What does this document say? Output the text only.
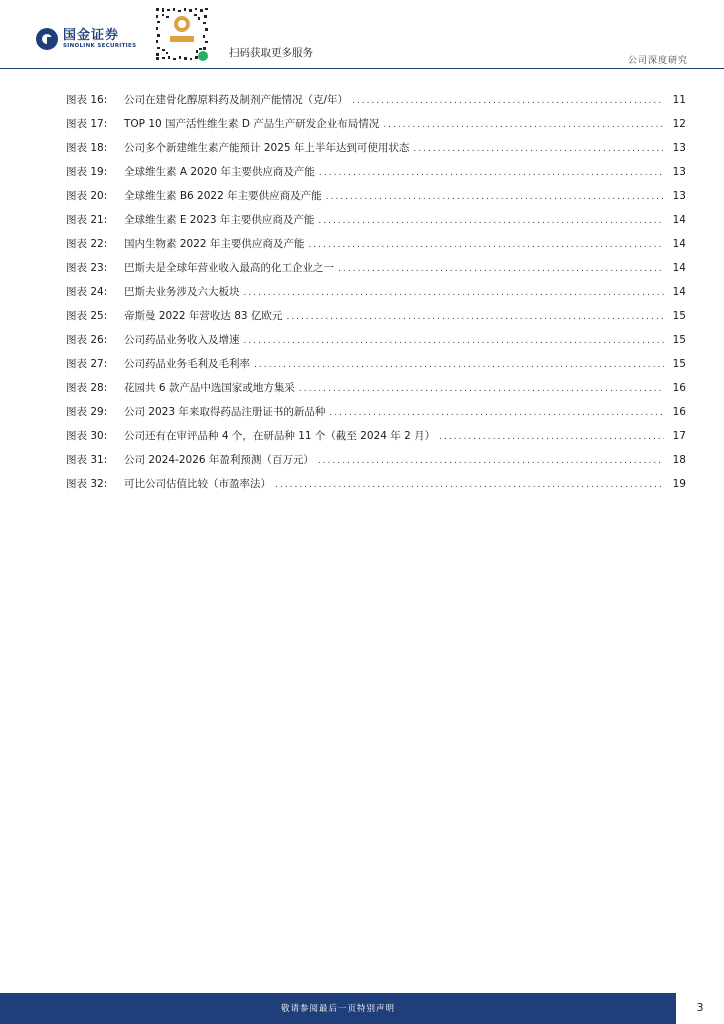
国金证券
SINOLINK SECURITIES
扫码获取更多服务
公司深度研究
图表 16:	公司在建骨化醇原料药及制剂产能情况（克/年） .....	11
图表 17:	TOP 10 国产活性维生素 D 产品生产研发企业布局情况 .....	12
图表 18:	公司多个新建维生素产能预计 2025 年上半年达到可使用状态 .....	13
图表 19:	全球维生素 A 2020 年主要供应商及产能 .....	13
图表 20:	全球维生素 B6 2022 年主要供应商及产能 .....	13
图表 21:	全球维生素 E 2023 年主要供应商及产能 .....	14
图表 22:	国内生物素 2022 年主要供应商及产能 .....	14
图表 23:	巴斯夫是全球年营业收入最高的化工企业之一 .....	14
图表 24:	巴斯夫业务涉及六大板块 .....	14
图表 25:	帝斯曼 2022 年营收达 83 亿欧元 .....	15
图表 26:	公司药品业务收入及增速 .....	15
图表 27:	公司药品业务毛利及毛利率 .....	15
图表 28:	花园共 6 款产品中选国家或地方集采 .....	16
图表 29:	公司 2023 年来取得药品注册证书的新品种 .....	16
图表 30:	公司还有在审评品种 4 个，在研品种 11 个（截至 2024 年 2 月） .....	17
图表 31:	公司 2024-2026 年盈利预测（百万元） .....	18
图表 32:	可比公司估值比较（市盈率法） .....	19
敬请参阅最后一页特别声明	3
